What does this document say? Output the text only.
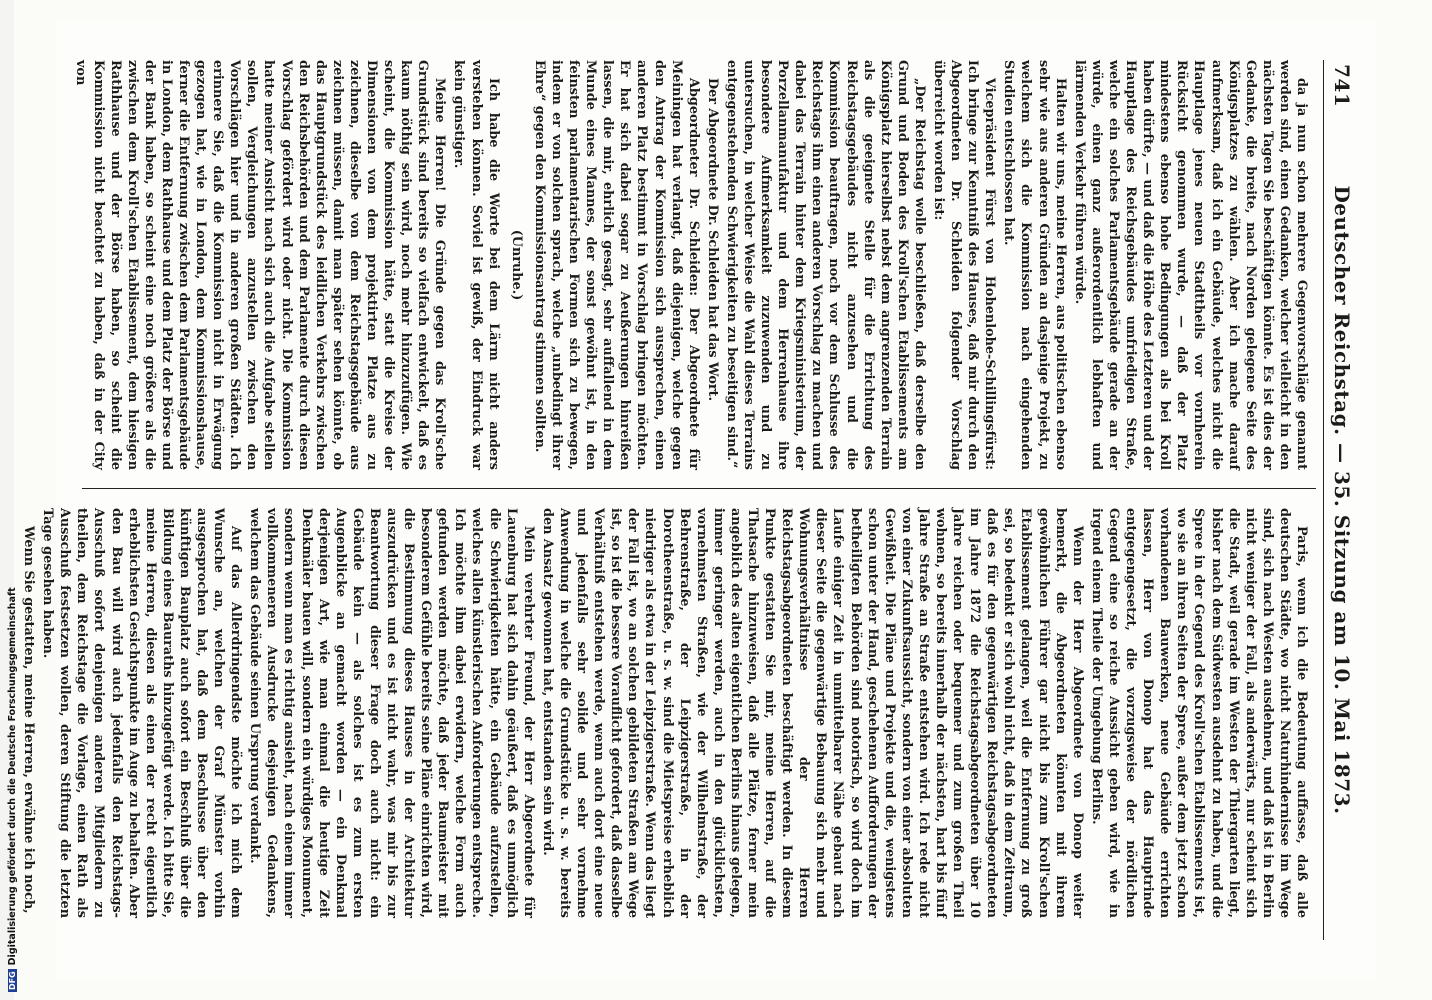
741
Deutscher Reichstag. — 35. Sitzung am 10. Mai 1873.

da ja nun schon mehrere Gegenvorschläge genannt werden sind, einen Gedanken, welcher vielleicht in den nächsten Tagen Sie beschäftigen könnte. Es ist dies der Gedanke, die breite, nach Norden gelegene Seite des Königsplatzes zu wählen. Aber ich mache darauf aufmerksam, daß ich ein Gebäude, welches nicht die Hauptlage jenes neuen Stadttheils vor vornherein Rücksicht genommen wurde, — daß der Platz mindestens ebenso hohe Bedingungen als bei Kroll haben dürfte, — und daß die Höhe des Letzteren und der Hauptlage des Reichsgebäudes umfriedigen Straße, welche ein solches Parlamentsgebäude gerade an der würde, einen ganz außerordentlich lebhaften und lärmenden Verkehr führen würde.

Halten wir uns, meine Herren, aus politischen ebenso sehr wie aus anderen Gründen an dasjenige Projekt, zu welchem sich die Kommission nach eingehenden Studien entschlossen hat.

Vicepräsident Fürst von Hohenlohe-Schillingsfürst: Ich bringe zur Kenntniß des Hauses, daß mir durch den Abgeordneten Dr. Schleiden folgender Vorschlag überreicht worden ist:

„Der Reichstag wolle beschließen, daß derselbe den Grund und Boden des Kroll'schen Etablissements am Königsplatz hierselbst nebst dem angrenzenden Terrain als die geeignete Stelle für die Errichtung des Reichstagsgebäudes nicht anzusehen und die Kommission beauftragen, noch vor dem Schlusse des Reichstags ihm einen anderen Vorschlag zu machen und dabei das Terrain hinter dem Kriegsministerium, der Porzellanmanufaktur und dem Herrenhause ihre besondere Aufmerksamkeit zuzuwenden und zu untersuchen, in welcher Weise die Wahl dieses Terrains entgegenstehenden Schwierigkeiten zu beseitigen sind.“

Der Abgeordnete Dr. Schleiden hat das Wort.

Abgeordneter Dr. Schleiden: Der Abgeordnete für Meiningen hat verlangt, daß diejenigen, welche gegen den Antrag der Kommission sich aussprechen, einen anderen Platz bestimmt in Vorschlag bringen möchten. Er hat sich dabei sogar zu Aeußerungen hinreißen lassen, die mir, ehrlich gesagt, sehr auffallend in dem Munde eines Mannes, der sonst gewöhnt ist, in den feinsten parlamentarischen Formen sich zu bewegen, indem er von solchen sprach, welche „unbedingt ihrer Ehre“ gegen den Kommissionsantrag stimmen sollten.

(Unruhe.)

Ich habe die Worte bei dem Lärm nicht anders verstehen können. Soviel ist gewiß, der Eindruck war kein günstiger.

Meine Herren! Die Gründe gegen das Kroll'sche Grundstück sind bereits so vielfach entwickelt, daß es kaum nöthig sein wird, noch mehr hinzuzufügen. Wie scheint, die Kommission hätte, statt die Kreise der Dimensionen von dem projektirten Platze aus zu zeichnen, dieselbe von dem Reichstagsgebäude aus zeichnen müssen, damit man später sehen könnte, ob das Hauptgrundstück des leidlichen Verkehrs zwischen den Reichsbehörden und dem Parlamente durch diesen Vorschlag gefördert wird oder nicht. Die Kommission hatte meiner Ansicht nach sich auch die Aufgabe stellen sollen, Vergleichungen anzustellen zwischen den Vorschlägen hier und in anderen großen Städten. Ich erinnere Sie, daß die Kommission nicht in Erwägung gezogen hat, wie in London, dem Kommissionshause, ferner die Entfernung zwischen dem Parlamentsgebäude in London, dem Rathhause und dem Platz der Börse und der Bank haben, so scheint eine noch größere als die zwischen dem Kroll'schen Etablissement, dem hiesigen Rathhause und der Börse haben, so scheint die Kommission nicht beachtet zu haben, daß in der City von

Paris, wenn ich die Bedeutung auffasse, daß alle deutschen Städte, wo nicht Naturhindernisse im Wege sind, sich nach Westen ausdehnen, und daß ist in Berlin nicht weniger der Fall, als anderwärts, nur scheint sich die Stadt, weil gerade im Westen der Thiergarten liegt, bisher nach dem Südwesten ausdehnt zu haben, und die Spree in der Gegend des Kroll'schen Etablissements ist, wo sie an ihren Seiten der Spree, außer dem jetzt schon vorhandenen Bauwerken, neue Gebäude errichten lassen, Herr von Donop hat das Hauptrinde entgegengesetzt, die vorzugsweise der nördlichen Gegend eine so reiche Aussicht geben wird, wie in irgend einem Theile der Umgebung Berlins.

Wenn der Herr Abgeordnete von Donop weiter bemerkt, die Abgeordneten könnten mit ihrem gewöhnlichen Führer gar nicht bis zum Kroll'schen Etablissement gelangen, weil die Entfernung zu groß sei, so bedenkt er sich wohl nicht, daß in dem Zeitraum, daß es für den gegenwärtigen Reichstagsabgeordneten im Jahre 1872 die Reichstagsabgeordneten über 10 Jahre reichen oder bequemer und zum großen Theil wohnen, so bereits innerhalb der nächsten, hart bis fünf Jahre Straße an Straße entstehen wird. Ich rede nicht von einer Zukunftsaussicht, sondern von einer absoluten Gewißheit. Die Pläne und Projekte und die, wenigstens schon unter der Hand, geschehenen Aufforderungen der betheiligten Behörden sind notorisch, so wird doch im Laufe einiger Zeit in unmittelbarer Nähe gebaut nach dieser Seite die gegenwärtige Bebauung sich mehr und Wohnungsverhältnisse der Herren Reichstagsabgeordneten beschäftigt werden. In diesem Punkte gestatten Sie mir, meine Herren, auf die Thatsache hinzuweisen, daß alle Plätze, ferner mein angeblich des alten eigentlichen Berlins hinaus gelegen, immer geringer werden, auch in den glücklichsten, vornehmsten Straßen, wie der Wilhelmstraße, der Behrenstraße, der Leipzigerstraße, in der Dorotheenstraße, u. s. w. sind die Mietspreise erheblich niedriger als etwa in der Leipzigerstraße. Wenn das liegt der Fall ist, wo an solchen gebildeten Straßen am Wege ist, so ist die bessere Vorauflicht gefordert, daß dasselbe Verhältniß entstehen werde, wenn auch dort eine neue und jedenfalls sehr solide und sehr vornehme Anwendung in welche die Grundstücke u. s. w. bereits den Ansatz gewonnen hat, entstanden sein wird.

Mein verehrter Freund, der Herr Abgeordnete für Lauenburg hat sich dahin geäußert, daß es unmöglich die Schwierigkeiten hätte, ein Gebäude aufzustellen, welches allen künstlerischen Anforderungen entspreche. Ich möchte ihm dabei erwidern, welche Form auch gefunden werden möchte, daß jeder Baumeister mit besonderem Gefühle bereits seine Pläne einrichten wird, die Bestimmung dieses Hauses in der Architektur auszudrücken und es ist nicht wahr, was mir bis zur Beantwortung dieser Frage doch auch nicht: ein Gebäude kein — als solches ist es zum ersten Augenblicke an gemacht worden — ein Denkmal derjenigen Art, wie man einmal die heutige Zeit Denkmäler bauen will, sondern ein würdiges Monument, sondern wenn man es richtig ansieht, nach einem immer vollkommeneren Ausdrucke desjenigen Gedankens, welchem das Gebäude seinen Ursprung verdankt.

Auf das Allerdringendste möchte ich mich dem Wunsche an, welchen der Graf Münster vorhin ausgesprochen hat, daß dem Beschlusse über den künftigen Bauplatz auch sofort ein Beschluß über die Bildung eines Bauraths hinzugefügt werde. Ich bitte Sie, meine Herren, diesen als einen der recht eigentlich erheblichsten Gesichtspunkte im Auge zu behalten. Aber den Bau will wird auch jedenfalls den Reichstags-Ausschuß sofort denjenigen anderen Mitgliedern zu theilen, dem Reichstage die Vorlage, einen Rath als Ausschuß festsetzen wollen, deren Stiftung die letzten Tage gesehen haben.

Wenn Sie gestatten, meine Herren, erwähne ich noch,

DFGDigitalisierung gefördert durch die Deutsche Forschungsgemeinschaft
